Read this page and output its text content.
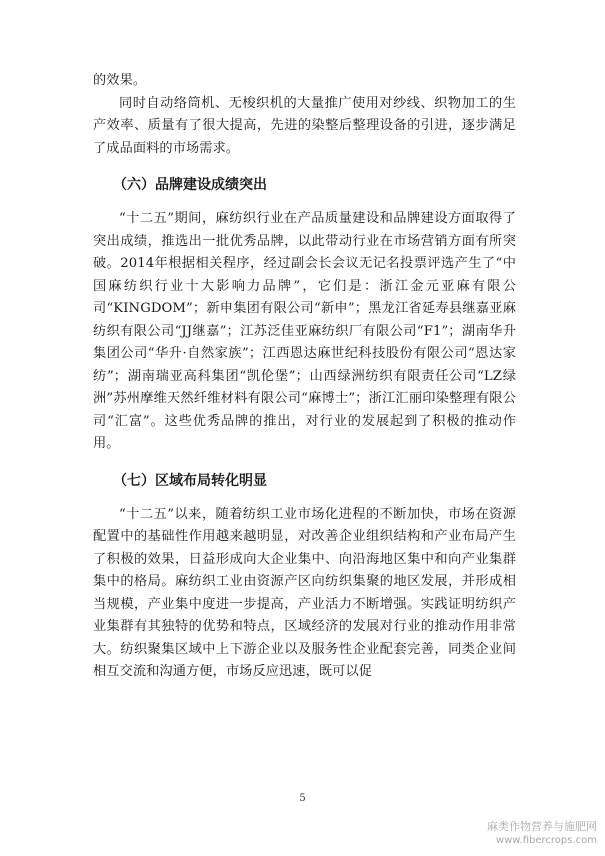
的效果。

同时自动络筒机、无梭织机的大量推广使用对纱线、织物加工的生产效率、质量有了很大提高，先进的染整后整理设备的引进，逐步满足了成品面料的市场需求。

（六）品牌建设成绩突出

“十二五”期间，麻纺织行业在产品质量建设和品牌建设方面取得了突出成绩，推选出一批优秀品牌，以此带动行业在市场营销方面有所突破。2014年根据相关程序，经过副会长会议无记名投票评选产生了“中国麻纺织行业十大影响力品牌”，它们是：浙江金元亚麻有限公司“KINGDOM”；新申集团有限公司“新申”；黑龙江省延寿县继嘉亚麻纺织有限公司“JJ继嘉”；江苏泛佳亚麻纺织厂有限公司“F1”；湖南华升集团公司“华升·自然家族”；江西恩达麻世纪科技股份有限公司“恩达家纺”；湖南瑞亚高科集团“凯伦堡”；山西绿洲纺织有限责任公司“LZ绿洲”苏州摩维天然纤维材料有限公司“麻博士”；浙江汇丽印染整理有限公司“汇富”。这些优秀品牌的推出，对行业的发展起到了积极的推动作用。

（七）区域布局转化明显

“十二五”以来，随着纺织工业市场化进程的不断加快，市场在资源配置中的基础性作用越来越明显，对改善企业组织结构和产业布局产生了积极的效果，日益形成向大企业集中、向沿海地区集中和向产业集群集中的格局。麻纺织工业由资源产区向纺织集聚的地区发展，并形成相当规模，产业集中度进一步提高，产业活力不断增强。实践证明纺织产业集群有其独特的优势和特点，区域经济的发展对行业的推动作用非常大。纺织聚集区域中上下游企业以及服务性企业配套完善，同类企业间相互交流和沟通方便，市场反应迅速，既可以促

5
麻类作物营养与施肥网
www.fibercrops.com
